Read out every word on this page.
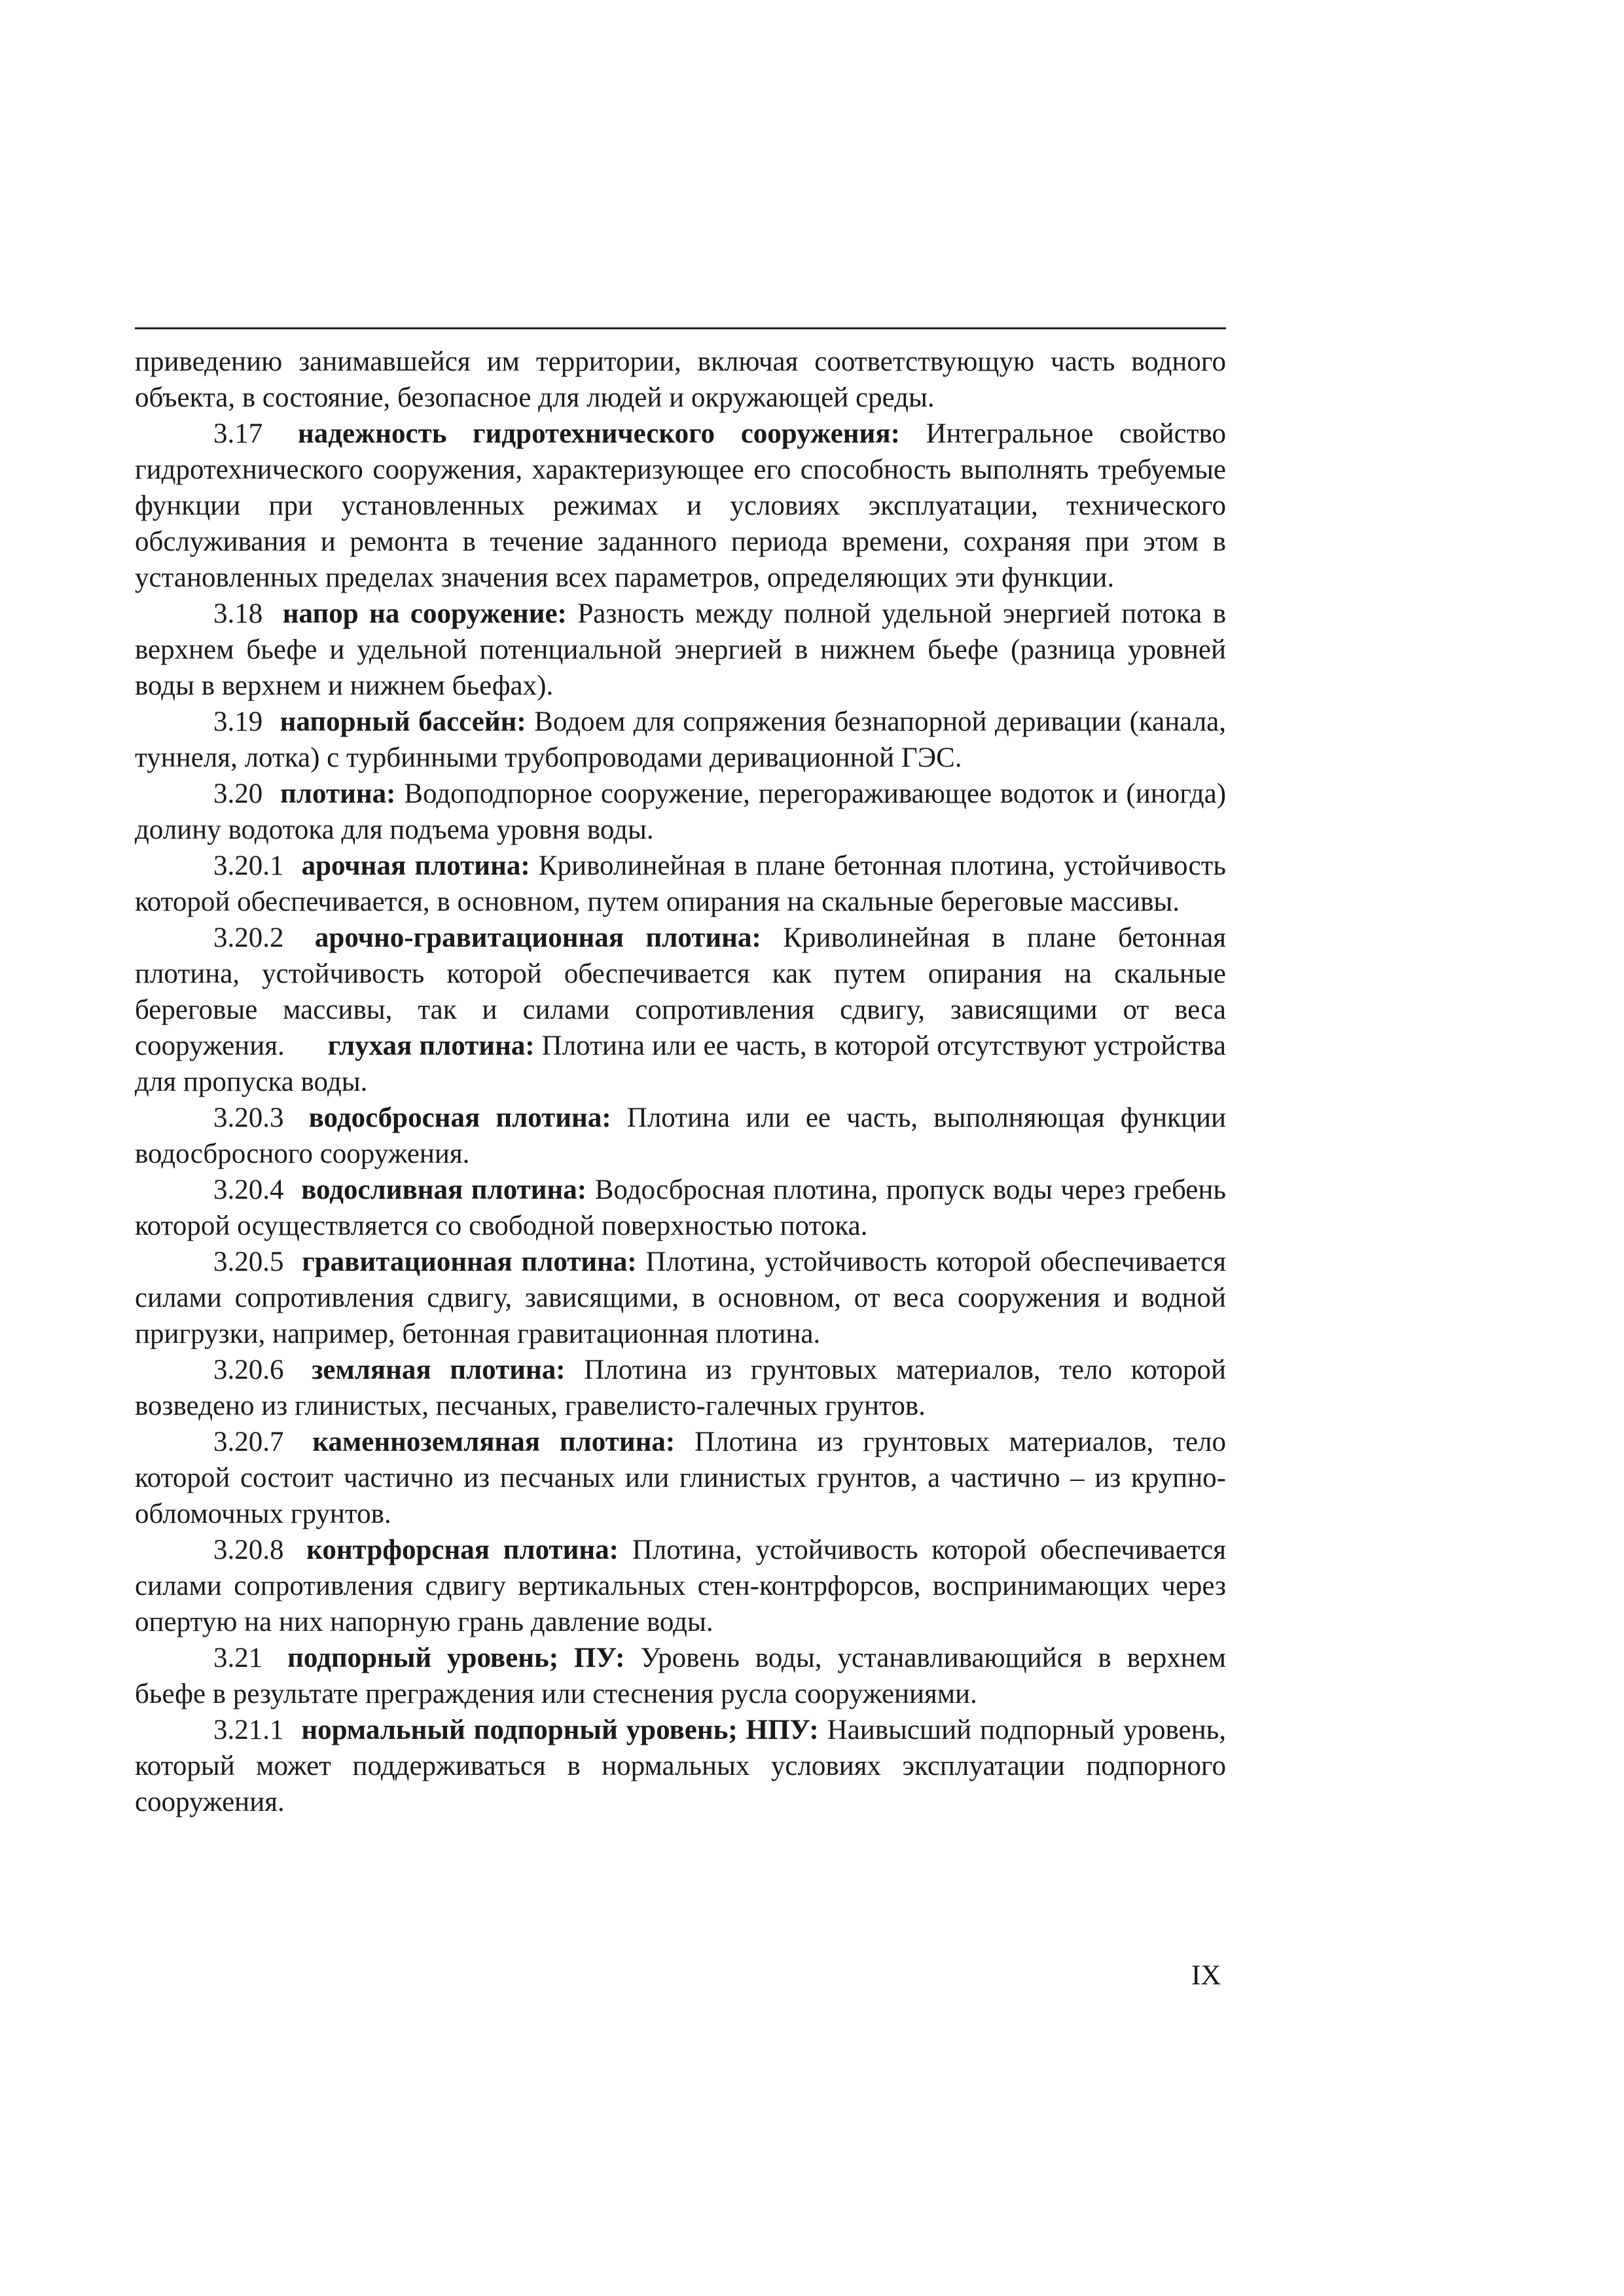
приведению занимавшейся им территории, включая соответствующую часть водного объекта, в состояние, безопасное для людей и окружающей среды.

3.17 надежность гидротехнического сооружения: Интегральное свойство гидротехнического сооружения, характеризующее его способность выполнять требуемые функции при установленных режимах и условиях эксплуатации, технического обслуживания и ремонта в течение заданного периода времени, сохраняя при этом в установленных пределах значения всех параметров, определяющих эти функции.

3.18 напор на сооружение: Разность между полной удельной энергией потока в верхнем бьефе и удельной потенциальной энергией в нижнем бьефе (разница уровней воды в верхнем и нижнем бьефах).

3.19 напорный бассейн: Водоем для сопряжения безнапорной деривации (канала, туннеля, лотка) с турбинными трубопроводами деривационной ГЭС.

3.20 плотина: Водоподпорное сооружение, перегораживающее водоток и (иногда) долину водотока для подъема уровня воды.

3.20.1 арочная плотина: Криволинейная в плане бетонная плотина, устойчивость которой обеспечивается, в основном, путем опирания на скальные береговые массивы.

3.20.2 арочно-гравитационная плотина: Криволинейная в плане бетонная плотина, устойчивость которой обеспечивается как путем опирания на скальные береговые массивы, так и силами сопротивления сдвигу, зависящими от веса сооружения. глухая плотина: Плотина или ее часть, в которой отсутствуют устройства для пропуска воды.

3.20.3 водосбросная плотина: Плотина или ее часть, выполняющая функции водосбросного сооружения.

3.20.4 водосливная плотина: Водосбросная плотина, пропуск воды через гребень которой осуществляется со свободной поверхностью потока.

3.20.5 гравитационная плотина: Плотина, устойчивость которой обеспечивается силами сопротивления сдвигу, зависящими, в основном, от веса сооружения и водной пригрузки, например, бетонная гравитационная плотина.

3.20.6 земляная плотина: Плотина из грунтовых материалов, тело которой возведено из глинистых, песчаных, гравелисто-галечных грунтов.

3.20.7 каменноземляная плотина: Плотина из грунтовых материалов, тело которой состоит частично из песчаных или глинистых грунтов, а частично – из крупно-обломочных грунтов.

3.20.8 контрфорсная плотина: Плотина, устойчивость которой обеспечивается силами сопротивления сдвигу вертикальных стен-контрфорсов, воспринимающих через опертую на них напорную грань давление воды.

3.21 подпорный уровень; ПУ: Уровень воды, устанавливающийся в верхнем бьефе в результате преграждения или стеснения русла сооружениями.

3.21.1 нормальный подпорный уровень; НПУ: Наивысший подпорный уровень, который может поддерживаться в нормальных условиях эксплуатации подпорного сооружения.

IX
